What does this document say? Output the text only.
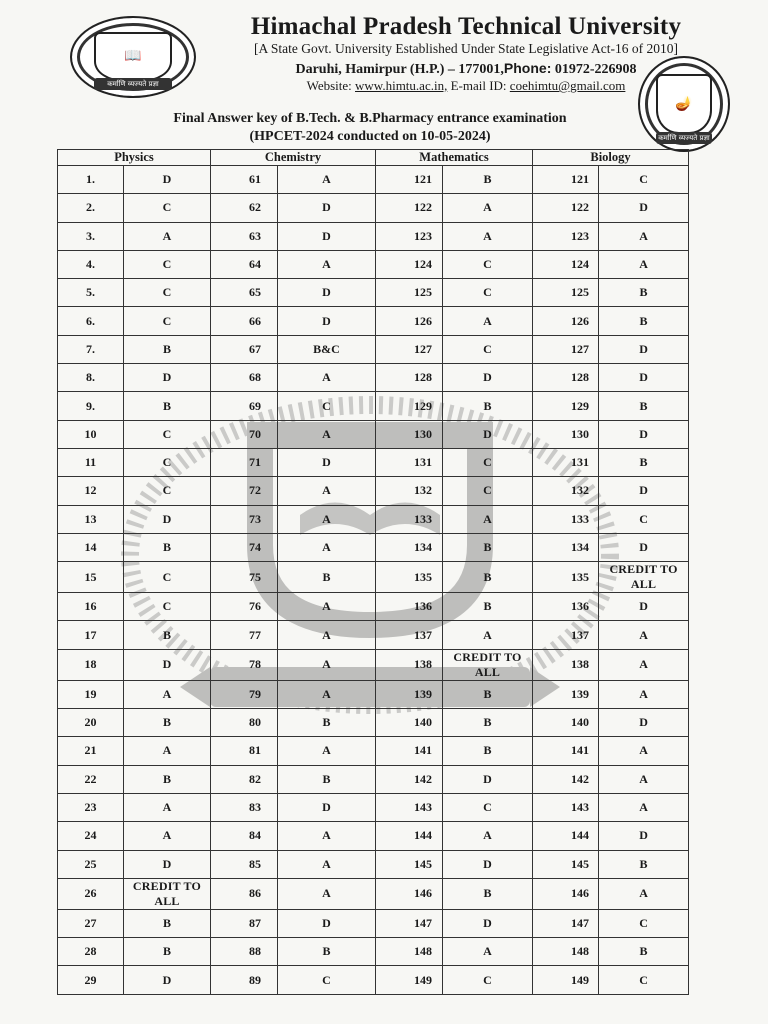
📖
कर्माणि व्यज्यते प्रज्ञा
🪔
कर्माणि व्यज्यते प्रज्ञा
Himachal Pradesh Technical University
[A State Govt. University Established Under State Legislative Act-16 of 2010]
Daruhi, Hamirpur (H.P.) – 177001,Phone: 01972-226908
Website: www.himtu.ac.in, E-mail ID: coehimtu@gmail.com
Final Answer key of B.Tech. & B.Pharmacy entrance examination
(HPCET-2024 conducted on 10-05-2024)
Physics		Chemistry		Mathematics		Biology	
1.	D	61	A	121	B	121	C
2.	C	62	D	122	A	122	D
3.	A	63	D	123	A	123	A
4.	C	64	A	124	C	124	A
5.	C	65	D	125	C	125	B
6.	C	66	D	126	A	126	B
7.	B	67	B&C	127	C	127	D
8.	D	68	A	128	D	128	D
9.	B	69	C	129	B	129	B
10	C	70	A	130	D	130	D
11	C	71	D	131	C	131	B
12	C	72	A	132	C	132	D
13	D	73	A	133	A	133	C
14	B	74	A	134	B	134	D
15	C	75	B	135	B	135	CREDIT TO ALL
16	C	76	A	136	B	136	D
17	B	77	A	137	A	137	A
18	D	78	A	138	CREDIT TO ALL	138	A
19	A	79	A	139	B	139	A
20	B	80	B	140	B	140	D
21	A	81	A	141	B	141	A
22	B	82	B	142	D	142	A
23	A	83	D	143	C	143	A
24	A	84	A	144	A	144	D
25	D	85	A	145	D	145	B
26	CREDIT TO ALL	86	A	146	B	146	A
27	B	87	D	147	D	147	C
28	B	88	B	148	A	148	B
29	D	89	C	149	C	149	C
